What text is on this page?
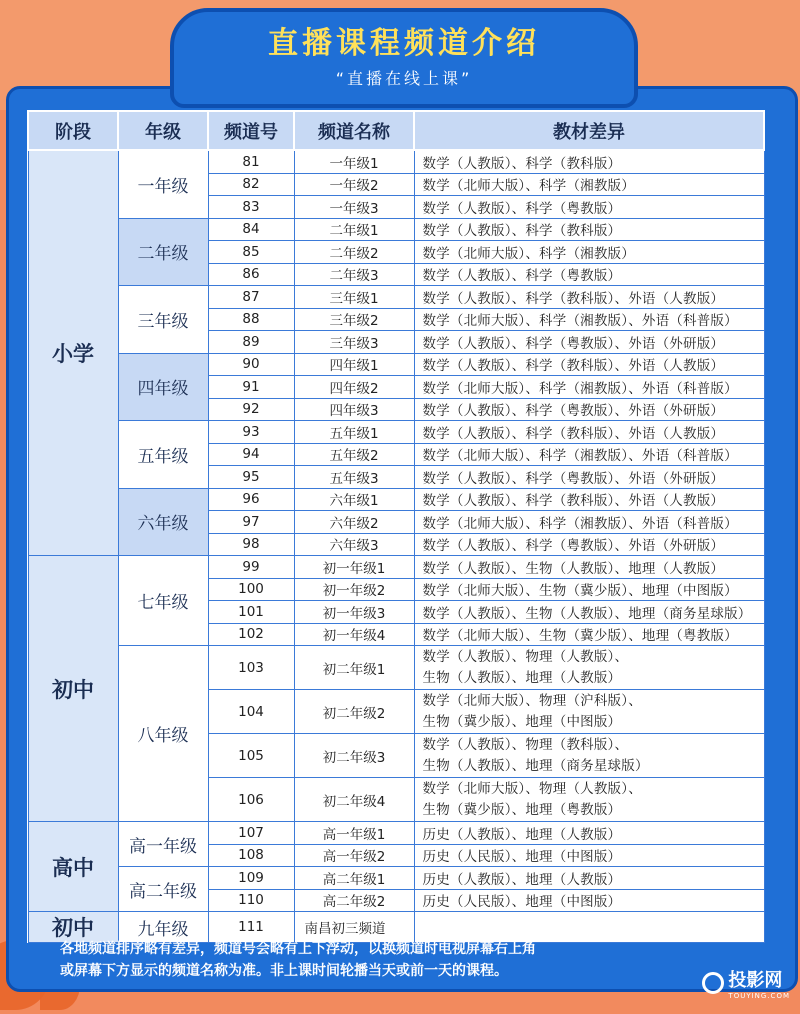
直播课程频道介绍
“直播在线上课”
阶段	年级	频道号	频道名称	教材差异
小学	一年级	81	一年级1	数学（人教版）、科学（教科版）

		82	一年级2	数学（北师大版）、科学（湘教版）

		83	一年级3	数学（人教版）、科学（粤教版）

	二年级	84	二年级1	数学（人教版）、科学（教科版）

		85	二年级2	数学（北师大版）、科学（湘教版）

		86	二年级3	数学（人教版）、科学（粤教版）

	三年级	87	三年级1	数学（人教版）、科学（教科版）、外语（人教版）

		88	三年级2	数学（北师大版）、科学（湘教版）、外语（科普版）

		89	三年级3	数学（人教版）、科学（粤教版）、外语（外研版）

	四年级	90	四年级1	数学（人教版）、科学（教科版）、外语（人教版）

		91	四年级2	数学（北师大版）、科学（湘教版）、外语（科普版）

		92	四年级3	数学（人教版）、科学（粤教版）、外语（外研版）

	五年级	93	五年级1	数学（人教版）、科学（教科版）、外语（人教版）

		94	五年级2	数学（北师大版）、科学（湘教版）、外语（科普版）

		95	五年级3	数学（人教版）、科学（粤教版）、外语（外研版）

	六年级	96	六年级1	数学（人教版）、科学（教科版）、外语（人教版）

		97	六年级2	数学（北师大版）、科学（湘教版）、外语（科普版）

		98	六年级3	数学（人教版）、科学（粤教版）、外语（外研版）

初中	七年级	99	初一年级1	数学（人教版）、生物（人教版）、地理（人教版）

		100	初一年级2	数学（北师大版）、生物（冀少版）、地理（中图版）

		101	初一年级3	数学（人教版）、生物（人教版）、地理（商务星球版）

		102	初一年级4	数学（北师大版）、生物（冀少版）、地理（粤教版）

	八年级	103	初二年级1	数学（人教版）、物理（人教版）、
生物（人教版）、地理（人教版）

		104	初二年级2	数学（北师大版）、物理（沪科版）、
生物（冀少版）、地理（中图版）

		105	初二年级3	数学（人教版）、物理（教科版）、
生物（人教版）、地理（商务星球版）

		106	初二年级4	数学（北师大版）、物理（人教版）、
生物（冀少版）、地理（粤教版）

高中	高一年级	107	高一年级1	历史（人教版）、地理（人教版）

		108	高一年级2	历史（人民版）、地理（中图版）

	高二年级	109	高二年级1	历史（人教版）、地理（人教版）

		110	高二年级2	历史（人民版）、地理（中图版）

初中	九年级	111	南昌初三频道	
各地频道排序略有差异，频道号会略有上下浮动，以换频道时电视屏幕右上角
或屏幕下方显示的频道名称为准。非上课时间轮播当天或前一天的课程。	投影网
TOUYING.COM
